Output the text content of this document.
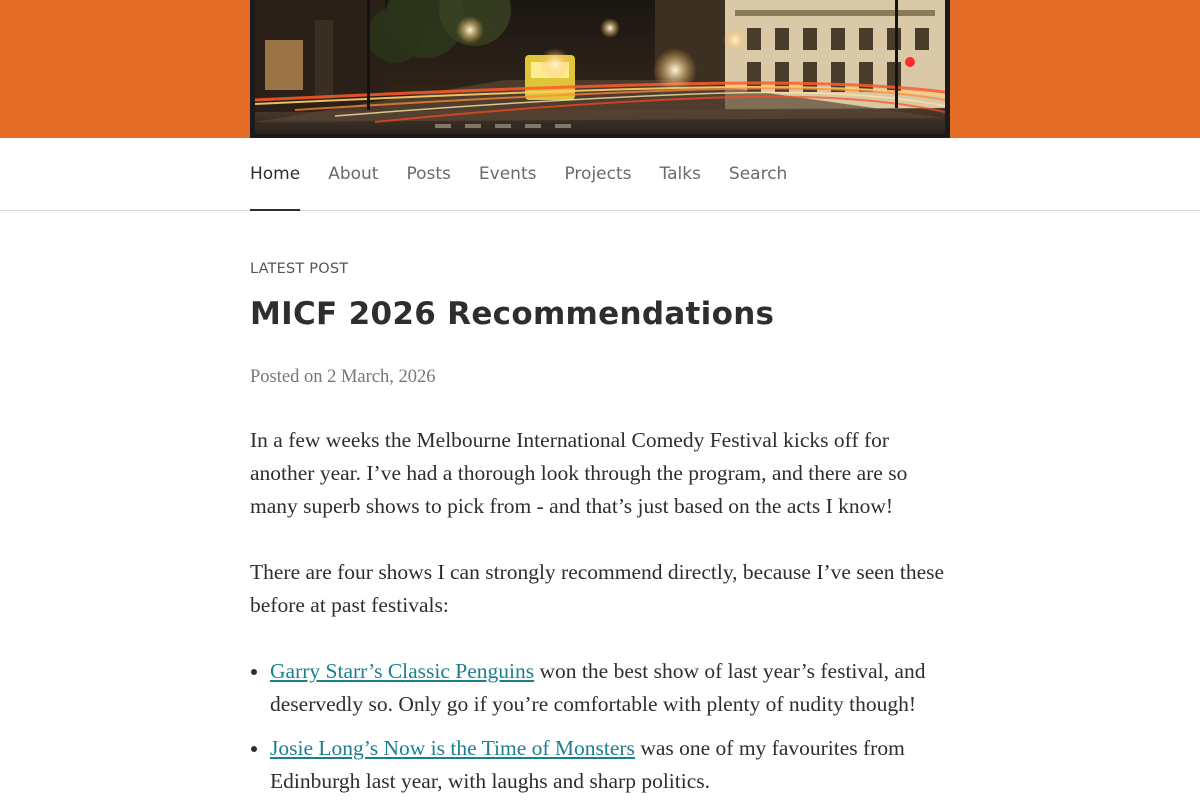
Home About Posts Events Projects Talks Search

LATEST POST

MICF 2026 Recommendations

Posted on 2 March, 2026

In a few weeks the Melbourne International Comedy Festival kicks off for another year. I’ve had a thorough look through the program, and there are so many superb shows to pick from - and that’s just based on the acts I know!

There are four shows I can strongly recommend directly, because I’ve seen these before at past festivals:

• Garry Starr’s Classic Penguins won the best show of last year’s festival, and deservedly so. Only go if you’re comfortable with plenty of nudity though!
• Josie Long’s Now is the Time of Monsters was one of my favourites from Edinburgh last year, with laughs and sharp politics.
